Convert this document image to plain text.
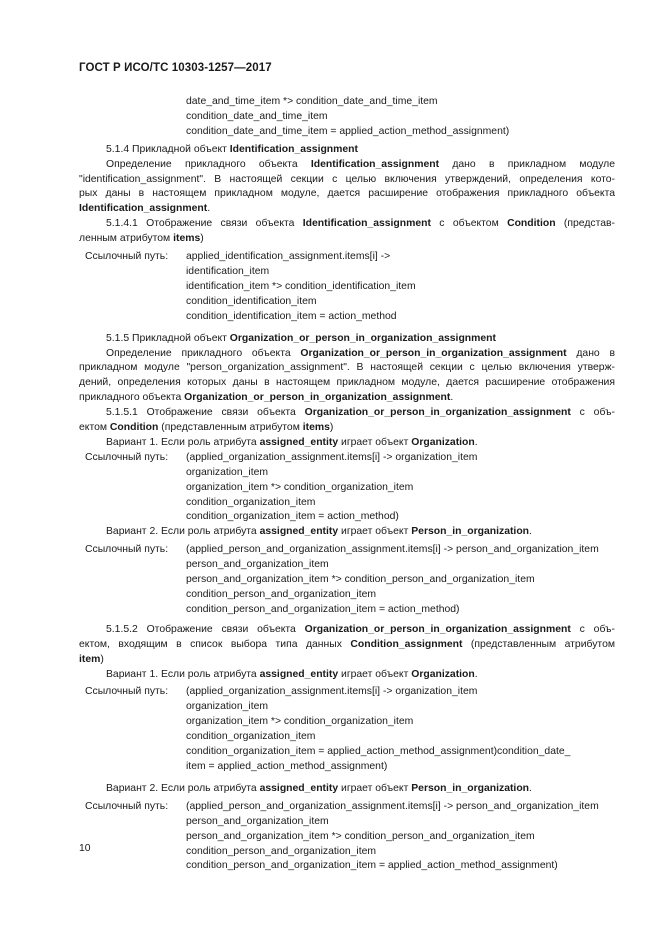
ГОСТ Р ИСО/ТС 10303-1257—2017
date_and_time_item *> condition_date_and_time_item
condition_date_and_time_item
condition_date_and_time_item = applied_action_method_assignment)
5.1.4 Прикладной объект Identification_assignment
Определение прикладного объекта Identification_assignment дано в прикладном модуле
"identification_assignment". В настоящей секции с целью включения утверждений, определения кото-
рых даны в настоящем прикладном модуле, дается расширение отображения прикладного объекта
Identification_assignment.
5.1.4.1 Отображение связи объекта Identification_assignment с объектом Condition (представ-
ленным атрибутом items)
Ссылочный путь:	applied_identification_assignment.items[i] ->
identification_item
identification_item *> condition_identification_item
condition_identification_item
condition_identification_item = action_method
5.1.5 Прикладной объект Organization_or_person_in_organization_assignment
Определение прикладного объекта Organization_or_person_in_organization_assignment дано в
прикладном модуле "person_organization_assignment". В настоящей секции с целью включения утверж-
дений, определения которых даны в настоящем прикладном модуле, дается расширение отображения
прикладного объекта Organization_or_person_in_organization_assignment.
5.1.5.1 Отображение связи объекта Organization_or_person_in_organization_assignment с объ-
ектом Condition (представленным атрибутом items)
Вариант 1. Если роль атрибута assigned_entity играет объект Organization.
Ссылочный путь:	(applied_organization_assignment.items[i] -> organization_item
organization_item
organization_item *> condition_organization_item
condition_organization_item
condition_organization_item = action_method)
Вариант 2. Если роль атрибута assigned_entity играет объект Person_in_organization.
Ссылочный путь:	(applied_person_and_organization_assignment.items[i] -> person_and_organization_item
person_and_organization_item
person_and_organization_item *> condition_person_and_organization_item
condition_person_and_organization_item
condition_person_and_organization_item = action_method)
5.1.5.2 Отображение связи объекта Organization_or_person_in_organization_assignment с объ-
ектом, входящим в список выбора типа данных Condition_assignment (представленным атрибутом
item)
Вариант 1. Если роль атрибута assigned_entity играет объект Organization.
Ссылочный путь:	(applied_organization_assignment.items[i] -> organization_item
organization_item
organization_item *> condition_organization_item
condition_organization_item
condition_organization_item = applied_action_method_assignment)condition_date_
item = applied_action_method_assignment)
Вариант 2. Если роль атрибута assigned_entity играет объект Person_in_organization.
Ссылочный путь:	(applied_person_and_organization_assignment.items[i] -> person_and_organization_item
person_and_organization_item
person_and_organization_item *> condition_person_and_organization_item
condition_person_and_organization_item
condition_person_and_organization_item = applied_action_method_assignment)
10
